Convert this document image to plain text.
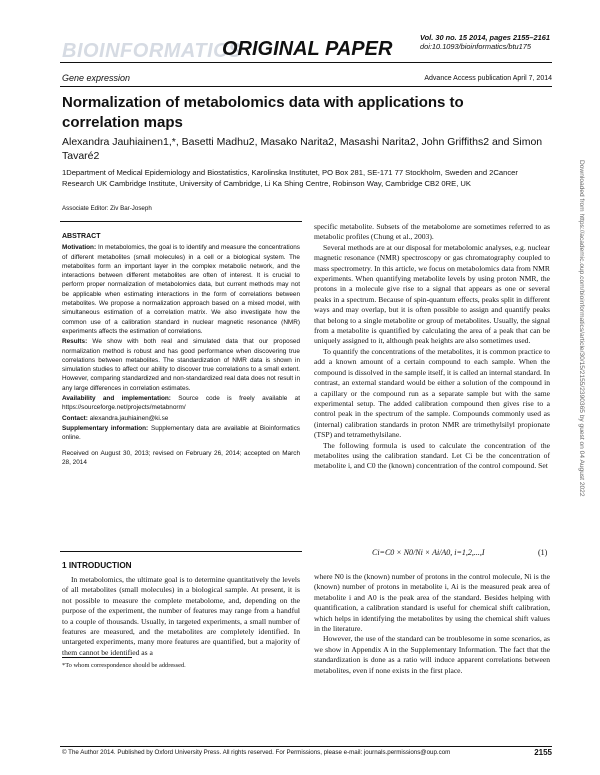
BIOINFORMATICS
ORIGINAL PAPER
Vol. 30 no. 15 2014, pages 2155–2161
doi:10.1093/bioinformatics/btu175
Gene expression	Advance Access publication April 7, 2014
Normalization of metabolomics data with applications to correlation maps
Alexandra Jauhiainen1,*, Basetti Madhu2, Masako Narita2, Masashi Narita2, John Griffiths2 and Simon Tavaré2
1Department of Medical Epidemiology and Biostatistics, Karolinska Institutet, PO Box 281, SE-171 77 Stockholm, Sweden and 2Cancer Research UK Cambridge Institute, University of Cambridge, Li Ka Shing Centre, Robinson Way, Cambridge CB2 0RE, UK
Associate Editor: Ziv Bar-Joseph
ABSTRACT

Motivation: In metabolomics, the goal is to identify and measure the concentrations of different metabolites (small molecules) in a cell or a biological system. The metabolites form an important layer in the complex metabolic network, and the interactions between different metabolites are often of interest. It is crucial to perform proper normalization of metabolomics data, but current methods may not be applicable when estimating interactions in the form of correlations between metabolites. We propose a normalization approach based on a mixed model, with simultaneous estimation of a correlation matrix. We also investigate how the common use of a calibration standard in nuclear magnetic resonance (NMR) experiments affects the estimation of correlations.

Results: We show with both real and simulated data that our proposed normalization method is robust and has good performance when discovering true correlations between metabolites. The standardization of NMR data is shown in simulation studies to affect our ability to discover true correlations to a small extent. However, comparing standardized and non-standardized real data does not result in any large differences in correlation estimates.

Availability and implementation: Source code is freely available at https://sourceforge.net/projects/metabnorm/

Contact: alexandra.jauhiainen@ki.se

Supplementary information: Supplementary data are available at Bioinformatics online.

Received on August 30, 2013; revised on February 26, 2014; accepted on March 28, 2014

1 INTRODUCTION

In metabolomics, the ultimate goal is to determine quantitatively the levels of all metabolites (small molecules) in a biological sample. At present, it is not possible to measure the complete metabolome, and, depending on the purpose of the experiment, the number of features may range from a handful to a couple of thousands. Usually, in targeted experiments, a small number of features are measured, and the metabolites are completely identified. In untargeted experiments, many more features are quantified, but a majority of them cannot be identified as a

*To whom correspondence should be addressed.

specific metabolite. Subsets of the metabolome are sometimes referred to as metabolic profiles (Chung et al., 2003).

Several methods are at our disposal for metabolomic analyses, e.g. nuclear magnetic resonance (NMR) spectroscopy or gas chromatography coupled to mass spectrometry. In this article, we focus on metabolomics data from NMR experiments. When quantifying metabolite levels by using proton NMR, the protons in a molecule give rise to a signal that appears as one or several peaks in a spectrum. Because of spin-quantum effects, peaks split in different ways and may overlap, but it is often possible to assign and quantify peaks that belong to a single metabolite or group of metabolites. Usually, the signal from a metabolite is quantified by calculating the area of a peak that can be uniquely assigned to it, although peak heights are also sometimes used.

To quantify the concentrations of the metabolites, it is common practice to add a known amount of a certain compound to each sample. When the compound is dissolved in the sample itself, it is called an internal standard. In contrast, an external standard would be either a solution of the compound in a capillary or the compound run as a separate sample but with the same experimental setup. The added calibration compound then gives rise to a control peak in the spectrum of the sample. Compounds commonly used as (internal) calibration standards in proton NMR are trimethylsilyl propionate (TSP) and tetramethylsilane.

The following formula is used to calculate the concentration of the metabolites using the calibration standard. Let Ci be the concentration of metabolite i, and C0 the (known) concentration of the control compound. Set

Ci=C0 × N0/Ni × Ai/A0, i=1,2,...,I	(1)

where N0 is the (known) number of protons in the control molecule, Ni is the (known) number of protons in metabolite i, Ai is the measured peak area of metabolite i and A0 is the peak area of the standard. Besides helping with quantification, a calibration standard is useful for chemical shift calibration, which helps in identifying the metabolites by using the chemical shift values in the literature.

However, the use of the standard can be troublesome in some scenarios, as we show in Appendix A in the Supplementary Information. The fact that the standardization is done as a ratio will induce apparent correlations between metabolites, even if none exists in the first place.

© The Author 2014. Published by Oxford University Press. All rights reserved. For Permissions, please e-mail: journals.permissions@oup.com	2155
Downloaded from https://academic.oup.com/bioinformatics/article/30/15/2155/2390365 by guest on 04 August 2022
